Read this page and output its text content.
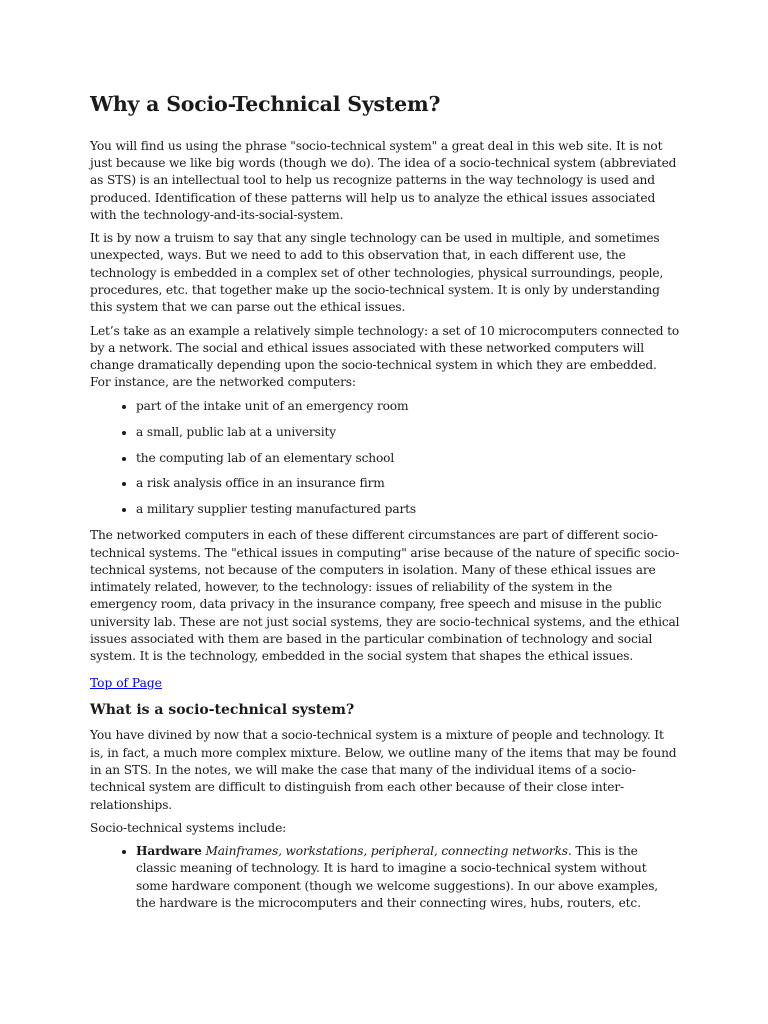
Why a Socio-Technical System?

You will find us using the phrase "socio-technical system" a great deal in this web site. It is not just because we like big words (though we do). The idea of a socio-technical system (abbreviated as STS) is an intellectual tool to help us recognize patterns in the way technology is used and produced. Identification of these patterns will help us to analyze the ethical issues associated with the technology-and-its-social-system.

It is by now a truism to say that any single technology can be used in multiple, and sometimes unexpected, ways. But we need to add to this observation that, in each different use, the technology is embedded in a complex set of other technologies, physical surroundings, people, procedures, etc. that together make up the socio-technical system. It is only by understanding this system that we can parse out the ethical issues.

Let’s take as an example a relatively simple technology: a set of 10 microcomputers connected to by a network. The social and ethical issues associated with these networked computers will change dramatically depending upon the socio-technical system in which they are embedded. For instance, are the networked computers:

• part of the intake unit of an emergency room
• a small, public lab at a university
• the computing lab of an elementary school
• a risk analysis office in an insurance firm
• a military supplier testing manufactured parts

The networked computers in each of these different circumstances are part of different socio-technical systems. The "ethical issues in computing" arise because of the nature of specific socio-technical systems, not because of the computers in isolation. Many of these ethical issues are intimately related, however, to the technology: issues of reliability of the system in the emergency room, data privacy in the insurance company, free speech and misuse in the public university lab. These are not just social systems, they are socio-technical systems, and the ethical issues associated with them are based in the particular combination of technology and social system. It is the technology, embedded in the social system that shapes the ethical issues.

Top of Page
What is a socio-technical system?

You have divined by now that a socio-technical system is a mixture of people and technology. It is, in fact, a much more complex mixture. Below, we outline many of the items that may be found in an STS. In the notes, we will make the case that many of the individual items of a socio-technical system are difficult to distinguish from each other because of their close inter-relationships.

Socio-technical systems include:

• Hardware Mainframes, workstations, peripheral, connecting networks. This is the classic meaning of technology. It is hard to imagine a socio-technical system without some hardware component (though we welcome suggestions). In our above examples, the hardware is the microcomputers and their connecting wires, hubs, routers, etc.
